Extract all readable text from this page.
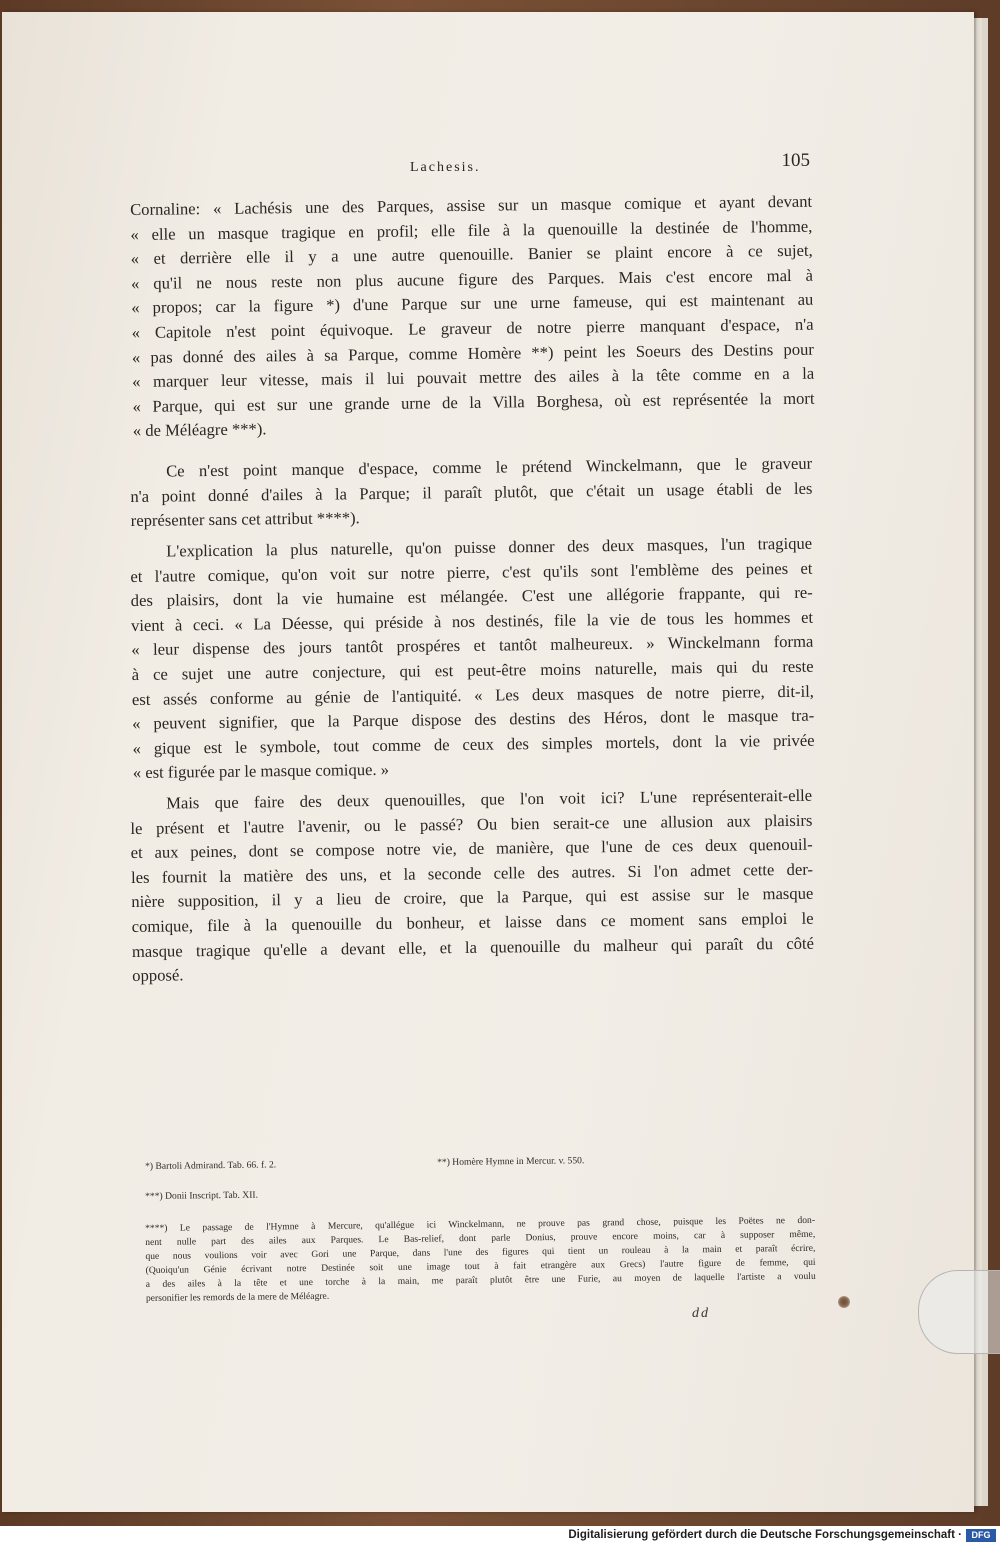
Lachesis.	105
Cornaline: « Lachésis une des Parques, assise sur un masque comique et ayant devant
« elle un masque tragique en profil; elle file à la quenouille la destinée de l'homme,
« et derrière elle il y a une autre quenouille. Banier se plaint encore à ce sujet,
« qu'il ne nous reste non plus aucune figure des Parques. Mais c'est encore mal à
« propos; car la figure *) d'une Parque sur une urne fameuse, qui est maintenant au
« Capitole n'est point équivoque. Le graveur de notre pierre manquant d'espace, n'a
« pas donné des ailes à sa Parque, comme Homère **) peint les Soeurs des Destins pour
« marquer leur vitesse, mais il lui pouvait mettre des ailes à la tête comme en a la
« Parque, qui est sur une grande urne de la Villa Borghesa, où est représentée la mort
« de Méléagre ***).
Ce n'est point manque d'espace, comme le prétend Winckelmann, que le graveur
n'a point donné d'ailes à la Parque; il paraît plutôt, que c'était un usage établi de les
représenter sans cet attribut ****).
L'explication la plus naturelle, qu'on puisse donner des deux masques, l'un tragique
et l'autre comique, qu'on voit sur notre pierre, c'est qu'ils sont l'emblème des peines et
des plaisirs, dont la vie humaine est mélangée. C'est une allégorie frappante, qui re-
vient à ceci. « La Déesse, qui préside à nos destinés, file la vie de tous les hommes et
« leur dispense des jours tantôt prospéres et tantôt malheureux. » Winckelmann forma
à ce sujet une autre conjecture, qui est peut-être moins naturelle, mais qui du reste
est assés conforme au génie de l'antiquité. « Les deux masques de notre pierre, dit-il,
« peuvent signifier, que la Parque dispose des destins des Héros, dont le masque tra-
« gique est le symbole, tout comme de ceux des simples mortels, dont la vie privée
« est figurée par le masque comique. »
Mais que faire des deux quenouilles, que l'on voit ici? L'une représenterait-elle
le présent et l'autre l'avenir, ou le passé? Ou bien serait-ce une allusion aux plaisirs
et aux peines, dont se compose notre vie, de manière, que l'une de ces deux quenouil-
les fournit la matière des uns, et la seconde celle des autres. Si l'on admet cette der-
nière supposition, il y a lieu de croire, que la Parque, qui est assise sur le masque
comique, file à la quenouille du bonheur, et laisse dans ce moment sans emploi le
masque tragique qu'elle a devant elle, et la quenouille du malheur qui paraît du côté
opposé.
*) Bartoli Admirand. Tab. 66. f. 2.	**) Homère Hymne in Mercur. v. 550.
***) Donii Inscript. Tab. XII.
****) Le passage de l'Hymne à Mercure, qu'allégue ici Winckelmann, ne prouve pas grand chose, puisque les Poëtes ne don-
nent nulle part des ailes aux Parques. Le Bas-relief, dont parle Donius, prouve encore moins, car à supposer même,
que nous voulions voir avec Gori une Parque, dans l'une des figures qui tient un rouleau à la main et paraît écrire,
(Quoiqu'un Génie écrivant notre Destinée soit une image tout à fait etrangère aux Grecs) l'autre figure de femme, qui
a des ailes à la tête et une torche à la main, me paraît plutôt être une Furie, au moyen de laquelle l'artiste a voulu
personifier les remords de la mere de Méléagre.
dd
Digitalisierung gefördert durch die Deutsche Forschungsgemeinschaft ·	DFG
